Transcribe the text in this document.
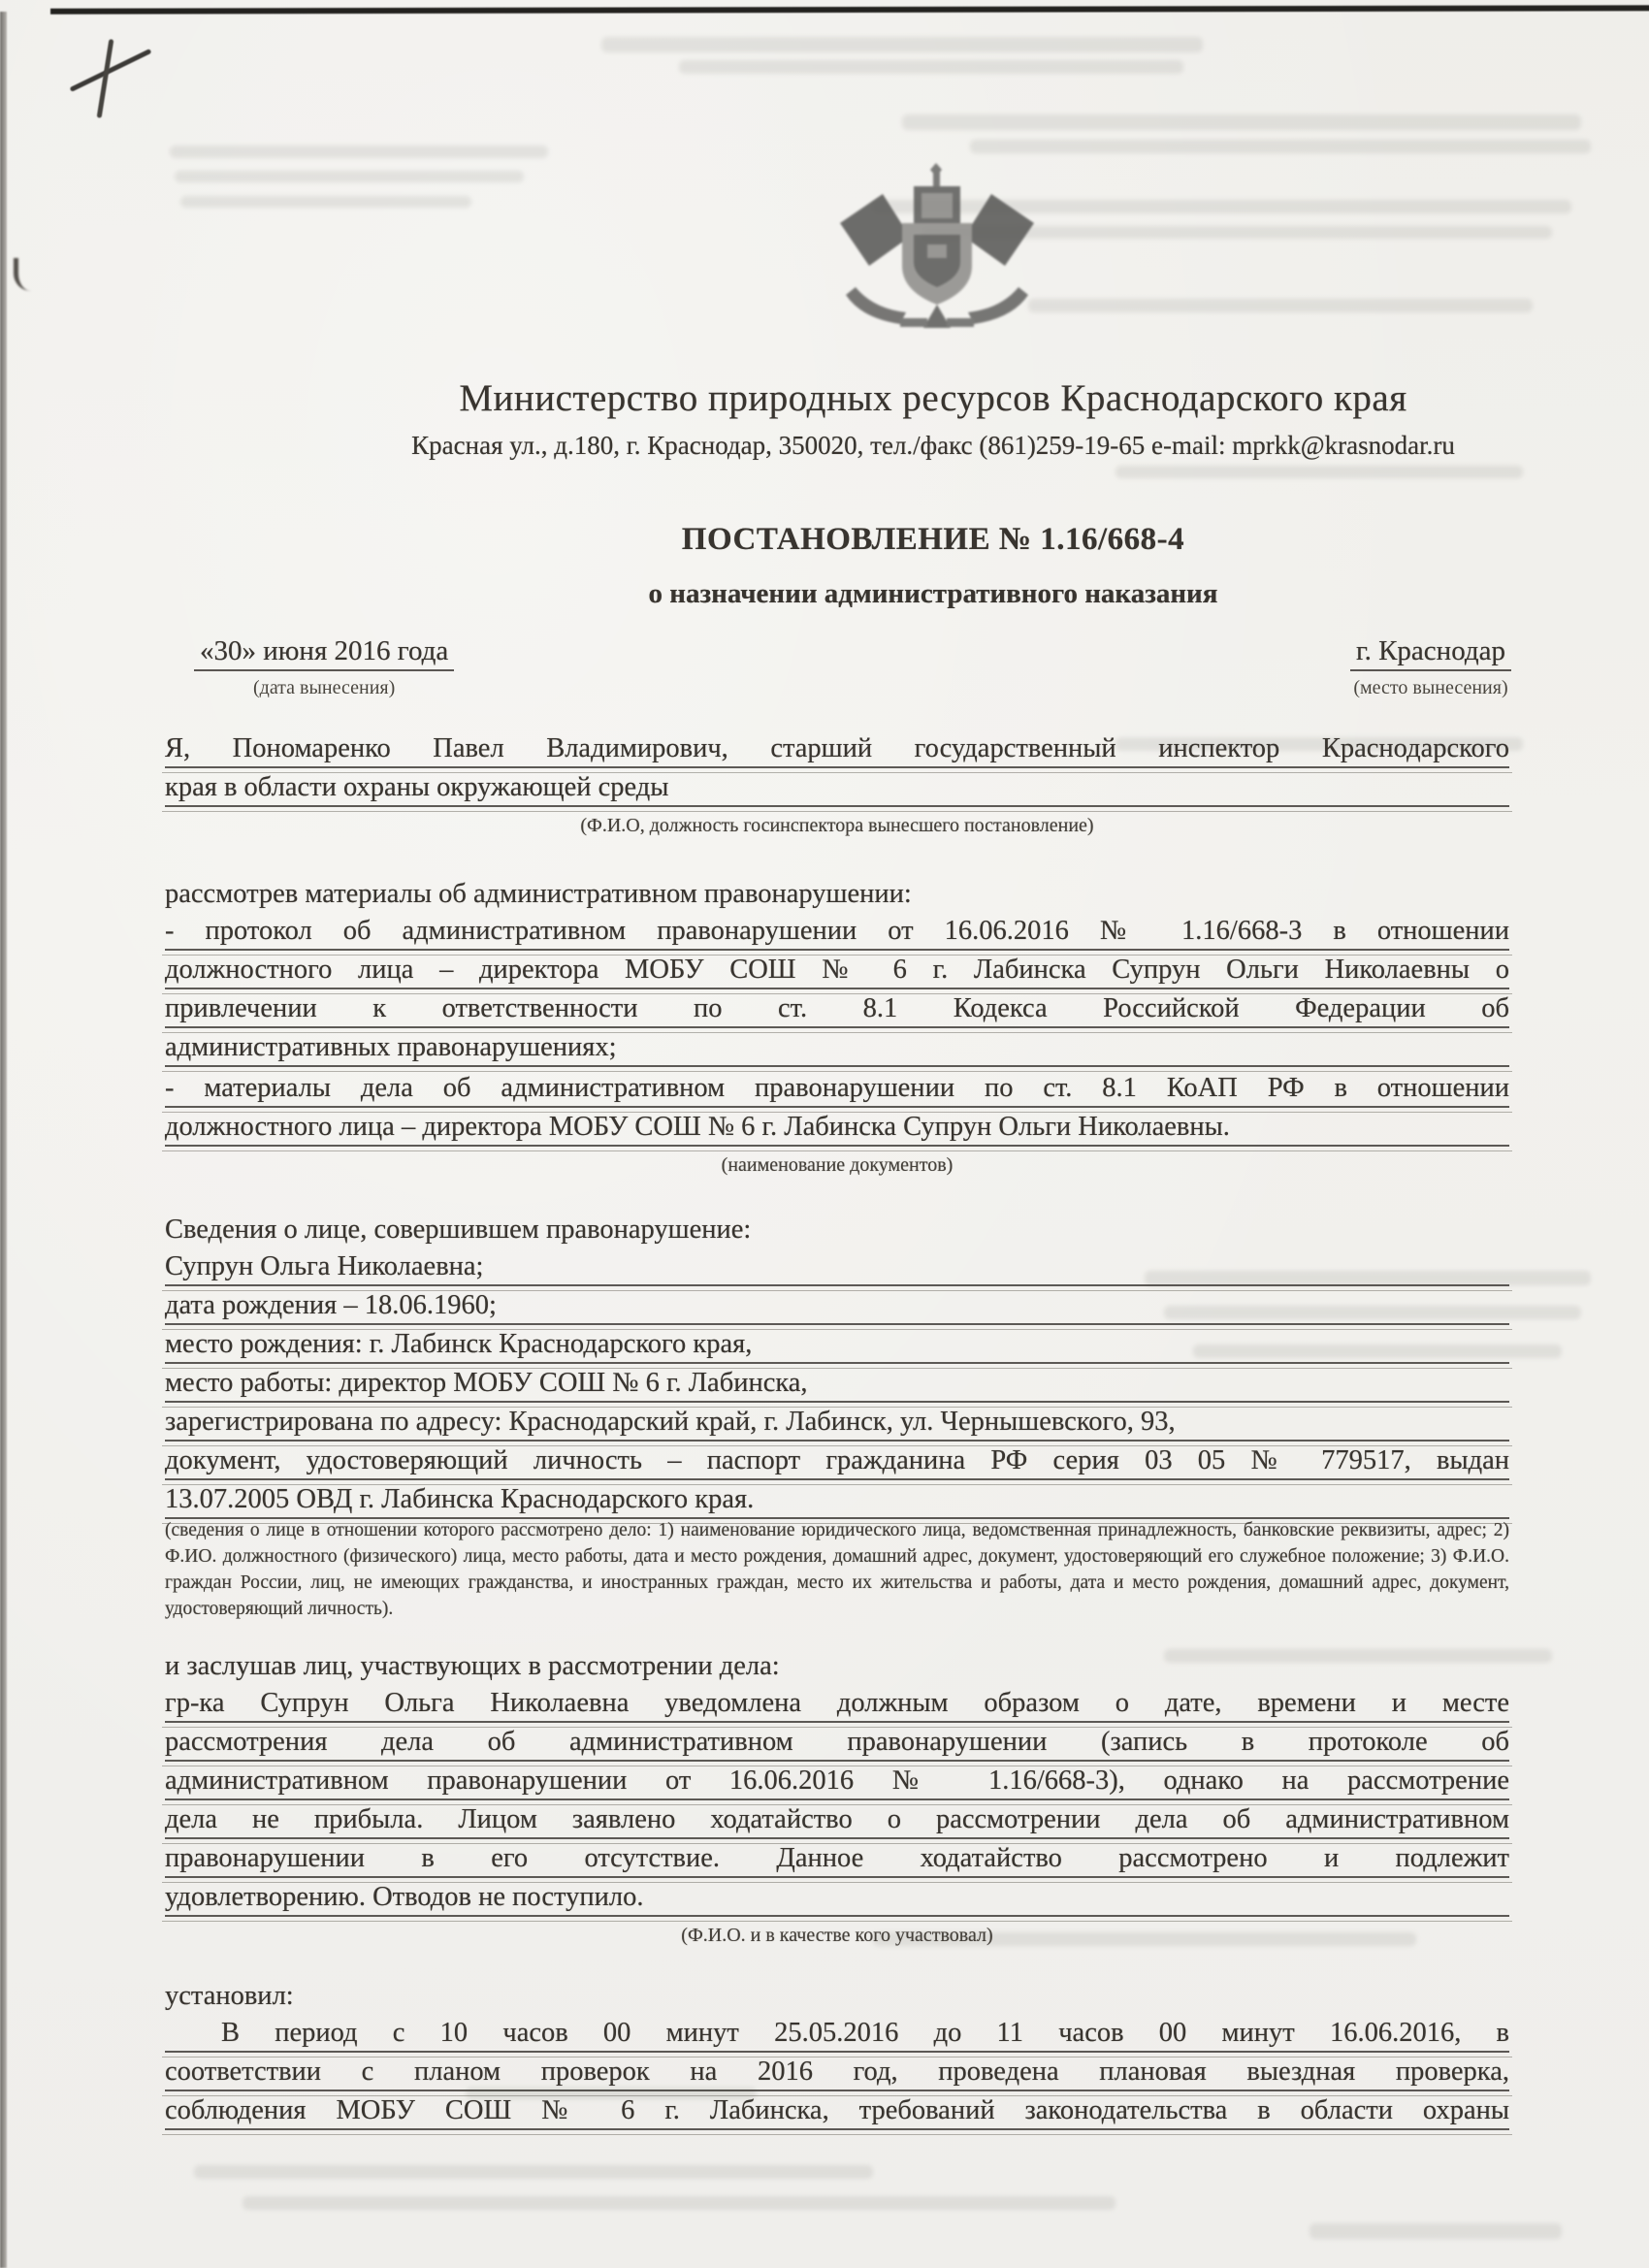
Министерство природных ресурсов Краснодарского края
Красная ул., д.180, г. Краснодар, 350020, тел./факс (861)259-19-65 e-mail: mprkk@krasnodar.ru
ПОСТАНОВЛЕНИЕ № 1.16/668-4
о назначении административного наказания
«30» июня 2016 года
(дата вынесения)
г. Краснодар
(место вынесения)
Я, Пономаренко Павел Владимирович, старший государственный инспектор Краснодарского
края в области охраны окружающей среды
(Ф.И.О, должность госинспектора вынесшего постановление)
рассмотрев материалы об административном правонарушении:
- протокол об административном правонарушении от 16.06.2016 № 1.16/668-3 в отношении
должностного лица – директора МОБУ СОШ № 6 г. Лабинска Супрун Ольги Николаевны о
привлечении к ответственности по ст. 8.1 Кодекса Российской Федерации об
административных правонарушениях;
- материалы дела об административном правонарушении по ст. 8.1 КоАП РФ в отношении
должностного лица – директора МОБУ СОШ № 6 г. Лабинска Супрун Ольги Николаевны.
(наименование документов)
Сведения о лице, совершившем правонарушение:
Супрун Ольга Николаевна;
дата рождения – 18.06.1960;
место рождения: г. Лабинск Краснодарского края,
место работы: директор МОБУ СОШ № 6 г. Лабинска,
зарегистрирована по адресу: Краснодарский край, г. Лабинск, ул. Чернышевского, 93,
документ, удостоверяющий личность – паспорт гражданина РФ серия 03 05 № 779517, выдан
13.07.2005 ОВД г. Лабинска Краснодарского края.
(сведения о лице в отношении которого рассмотрено дело: 1) наименование юридического лица, ведомственная принадлежность, банковские реквизиты, адрес; 2) Ф.ИО. должностного (физического) лица, место работы, дата и место рождения, домашний адрес, документ, удостоверяющий его служебное положение; 3) Ф.И.О. граждан России, лиц, не имеющих гражданства, и иностранных граждан, место их жительства и работы, дата и место рождения, домашний адрес, документ, удостоверяющий личность).
и заслушав лиц, участвующих в рассмотрении дела:
гр-ка Супрун Ольга Николаевна уведомлена должным образом о дате, времени и месте
рассмотрения дела об административном правонарушении (запись в протоколе об
административном правонарушении от 16.06.2016 № 1.16/668-3), однако на рассмотрение
дела не прибыла. Лицом заявлено ходатайство о рассмотрении дела об административном
правонарушении в его отсутствие. Данное ходатайство рассмотрено и подлежит
удовлетворению. Отводов не поступило.
(Ф.И.О. и в качестве кого участвовал)
установил:
В период с 10 часов 00 минут 25.05.2016 до 11 часов 00 минут 16.06.2016, в
соответствии с планом проверок на 2016 год, проведена плановая выездная проверка,
соблюдения МОБУ СОШ № 6 г. Лабинска, требований законодательства в области охраны
